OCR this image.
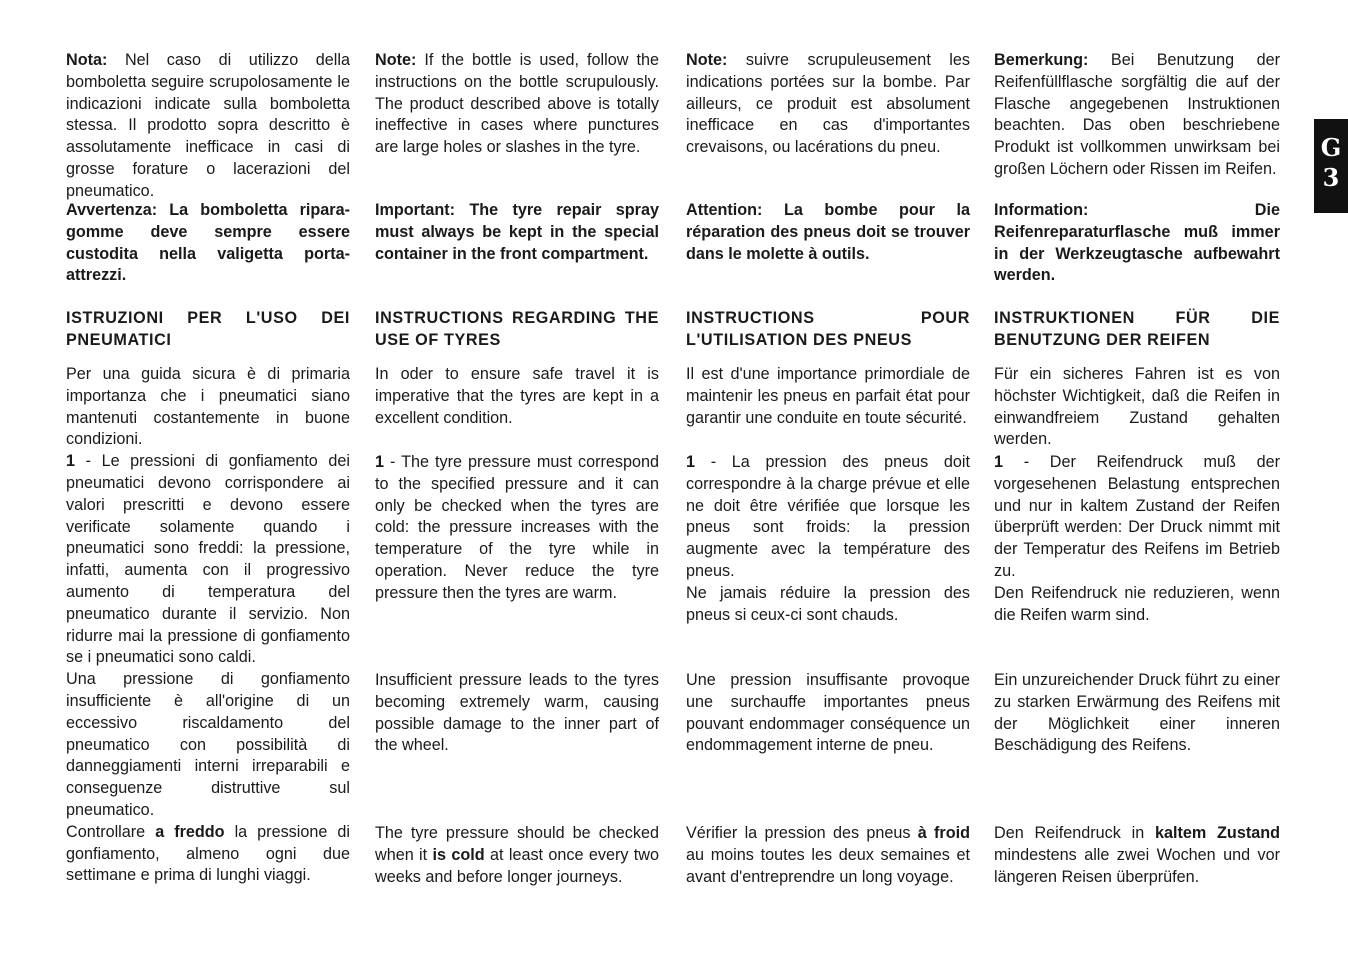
Nota: Nel caso di utilizzo della bomboletta seguire scrupolosamente le indicazioni indicate sulla bomboletta stessa. Il prodotto sopra descritto è assolutamente inefficace in casi di grosse forature o lacerazioni del pneumatico.

Avvertenza: La bomboletta ripara-gomme deve sempre essere custodita nella valigetta porta-attrezzi.

ISTRUZIONI PER L'USO DEI PNEUMATICI

Per una guida sicura è di primaria importanza che i pneumatici siano mantenuti costantemente in buone condizioni.

1 - Le pressioni di gonfiamento dei pneumatici devono corrispondere ai valori prescritti e devono essere verificate solamente quando i pneumatici sono freddi: la pressione, infatti, aumenta con il progressivo aumento di temperatura del pneumatico durante il servizio. Non ridurre mai la pressione di gonfiamento se i pneumatici sono caldi.

Una pressione di gonfiamento insufficiente è all'origine di un eccessivo riscaldamento del pneumatico con possibilità di danneggiamenti interni irreparabili e conseguenze distruttive sul pneumatico.

Controllare a freddo la pressione di gonfiamento, almeno ogni due settimane e prima di lunghi viaggi.

Note: If the bottle is used, follow the instructions on the bottle scrupulously. The product described above is totally ineffective in cases where punctures are large holes or slashes in the tyre.

Important: The tyre repair spray must always be kept in the special container in the front compartment.

INSTRUCTIONS REGARDING THE USE OF TYRES

In oder to ensure safe travel it is imperative that the tyres are kept in a excellent condition.

1 - The tyre pressure must correspond to the specified pressure and it can only be checked when the tyres are cold: the pressure increases with the temperature of the tyre while in operation. Never reduce the tyre pressure then the tyres are warm.

Insufficient pressure leads to the tyres becoming extremely warm, causing possible damage to the inner part of the wheel.

The tyre pressure should be checked when it is cold at least once every two weeks and before longer journeys.

Note: suivre scrupuleusement les indications portées sur la bombe. Par ailleurs, ce produit est absolument inefficace en cas d'importantes crevaisons, ou lacérations du pneu.

Attention: La bombe pour la réparation des pneus doit se trouver dans le molette à outils.

INSTRUCTIONS POUR L'UTILISATION DES PNEUS

Il est d'une importance primordiale de maintenir les pneus en parfait état pour garantir une conduite en toute sécurité.

1 - La pression des pneus doit correspondre à la charge prévue et elle ne doit être vérifiée que lorsque les pneus sont froids: la pression augmente avec la température des pneus.

Ne jamais réduire la pression des pneus si ceux-ci sont chauds.

Une pression insuffisante provoque une surchauffe importantes pneus pouvant endommager conséquence un endommagement interne de pneu.

Vérifier la pression des pneus à froid au moins toutes les deux semaines et avant d'entreprendre un long voyage.

Bemerkung: Bei Benutzung der Reifenfüllflasche sorgfältig die auf der Flasche angegebenen Instruktionen beachten. Das oben beschriebene Produkt ist vollkommen unwirksam bei großen Löchern oder Rissen im Reifen.

Information: Die Reifenreparaturflasche muß immer in der Werkzeugtasche aufbewahrt werden.

INSTRUKTIONEN FÜR DIE BENUTZUNG DER REIFEN

Für ein sicheres Fahren ist es von höchster Wichtigkeit, daß die Reifen in einwandfreiem Zustand gehalten werden.

1 - Der Reifendruck muß der vorgesehenen Belastung entsprechen und nur in kaltem Zustand der Reifen überprüft werden: Der Druck nimmt mit der Temperatur des Reifens im Betrieb zu.

Den Reifendruck nie reduzieren, wenn die Reifen warm sind.

Ein unzureichender Druck führt zu einer zu starken Erwärmung des Reifens mit der Möglichkeit einer inneren Beschädigung des Reifens.

Den Reifendruck in kaltem Zustand mindestens alle zwei Wochen und vor längeren Reisen überprüfen.

G
3
